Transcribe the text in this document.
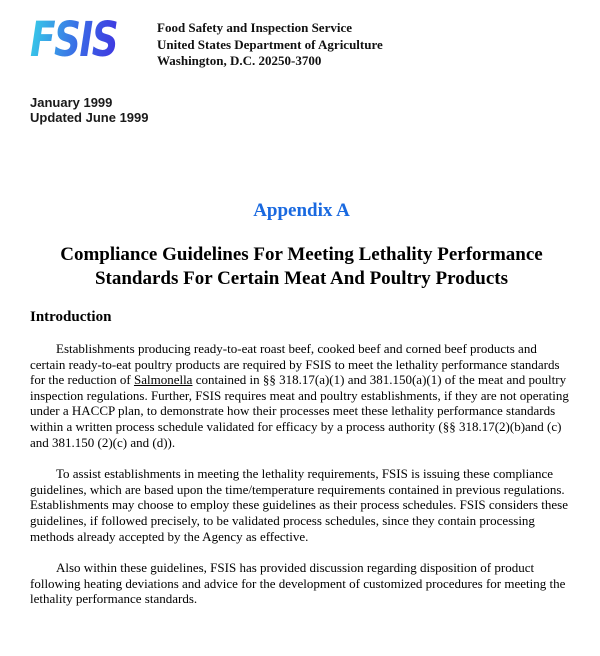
FSIS	Food Safety and Inspection Service
United States Department of Agriculture
Washington, D.C. 20250-3700
January 1999
Updated June 1999
Appendix A
Compliance Guidelines For Meeting Lethality Performance
Standards For Certain Meat And Poultry Products
Introduction

Establishments producing ready-to-eat roast beef, cooked beef and corned beef products and certain ready-to-eat poultry products are required by FSIS to meet the lethality performance standards for the reduction of Salmonella contained in §§ 318.17(a)(1) and 381.150(a)(1) of the meat and poultry inspection regulations. Further, FSIS requires meat and poultry establishments, if they are not operating under a HACCP plan, to demonstrate how their processes meet these lethality performance standards within a written process schedule validated for efficacy by a process authority (§§ 318.17(2)(b)and (c) and 381.150 (2)(c) and (d)).

To assist establishments in meeting the lethality requirements, FSIS is issuing these compliance guidelines, which are based upon the time/temperature requirements contained in previous regulations. Establishments may choose to employ these guidelines as their process schedules. FSIS considers these guidelines, if followed precisely, to be validated process schedules, since they contain processing methods already accepted by the Agency as effective.

Also within these guidelines, FSIS has provided discussion regarding disposition of product following heating deviations and advice for the development of customized procedures for meeting the lethality performance standards.
